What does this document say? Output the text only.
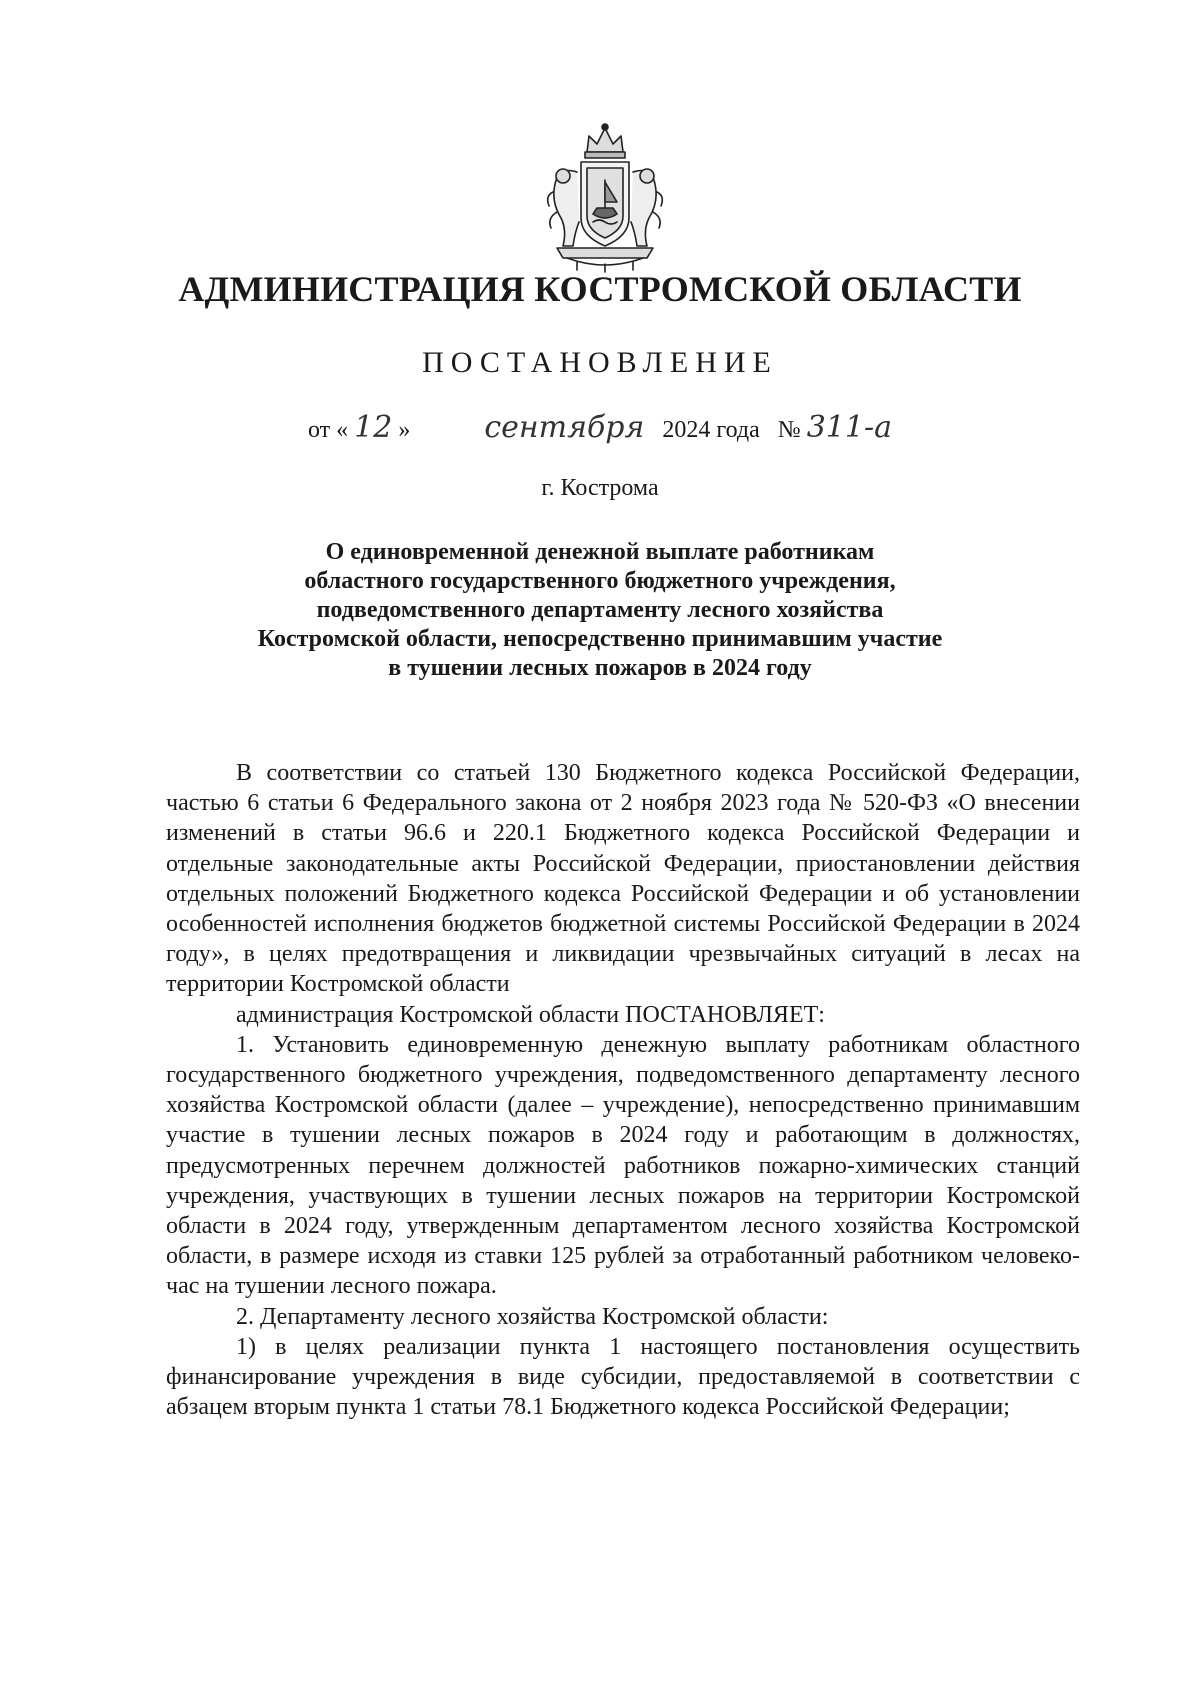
АДМИНИСТРАЦИЯ КОСТРОМСКОЙ ОБЛАСТИ
ПОСТАНОВЛЕНИЕ
от « 12 » сентября 2024 года № 311-а
г. Кострома
О единовременной денежной выплате работникам
областного государственного бюджетного учреждения,
подведомственного департаменту лесного хозяйства
Костромской области, непосредственно принимавшим участие
в тушении лесных пожаров в 2024 году

В соответствии со статьей 130 Бюджетного кодекса Российской Федерации, частью 6 статьи 6 Федерального закона от 2 ноября 2023 года № 520-ФЗ «О внесении изменений в статьи 96.6 и 220.1 Бюджетного кодекса Российской Федерации и отдельные законодательные акты Российской Федерации, приостановлении действия отдельных положений Бюджетного кодекса Российской Федерации и об установлении особенностей исполнения бюджетов бюджетной системы Российской Федерации в 2024 году», в целях предотвращения и ликвидации чрезвычайных ситуаций в лесах на территории Костромской области

администрация Костромской области ПОСТАНОВЛЯЕТ:

1. Установить единовременную денежную выплату работникам областного государственного бюджетного учреждения, подведомственного департаменту лесного хозяйства Костромской области (далее – учреждение), непосредственно принимавшим участие в тушении лесных пожаров в 2024 году и работающим в должностях, предусмотренных перечнем должностей работников пожарно-химических станций учреждения, участвующих в тушении лесных пожаров на территории Костромской области в 2024 году, утвержденным департаментом лесного хозяйства Костромской области, в размере исходя из ставки 125 рублей за отработанный работником человеко-час на тушении лесного пожара.

2. Департаменту лесного хозяйства Костромской области:

1) в целях реализации пункта 1 настоящего постановления осуществить финансирование учреждения в виде субсидии, предоставляемой в соответствии с абзацем вторым пункта 1 статьи 78.1 Бюджетного кодекса Российской Федерации;
